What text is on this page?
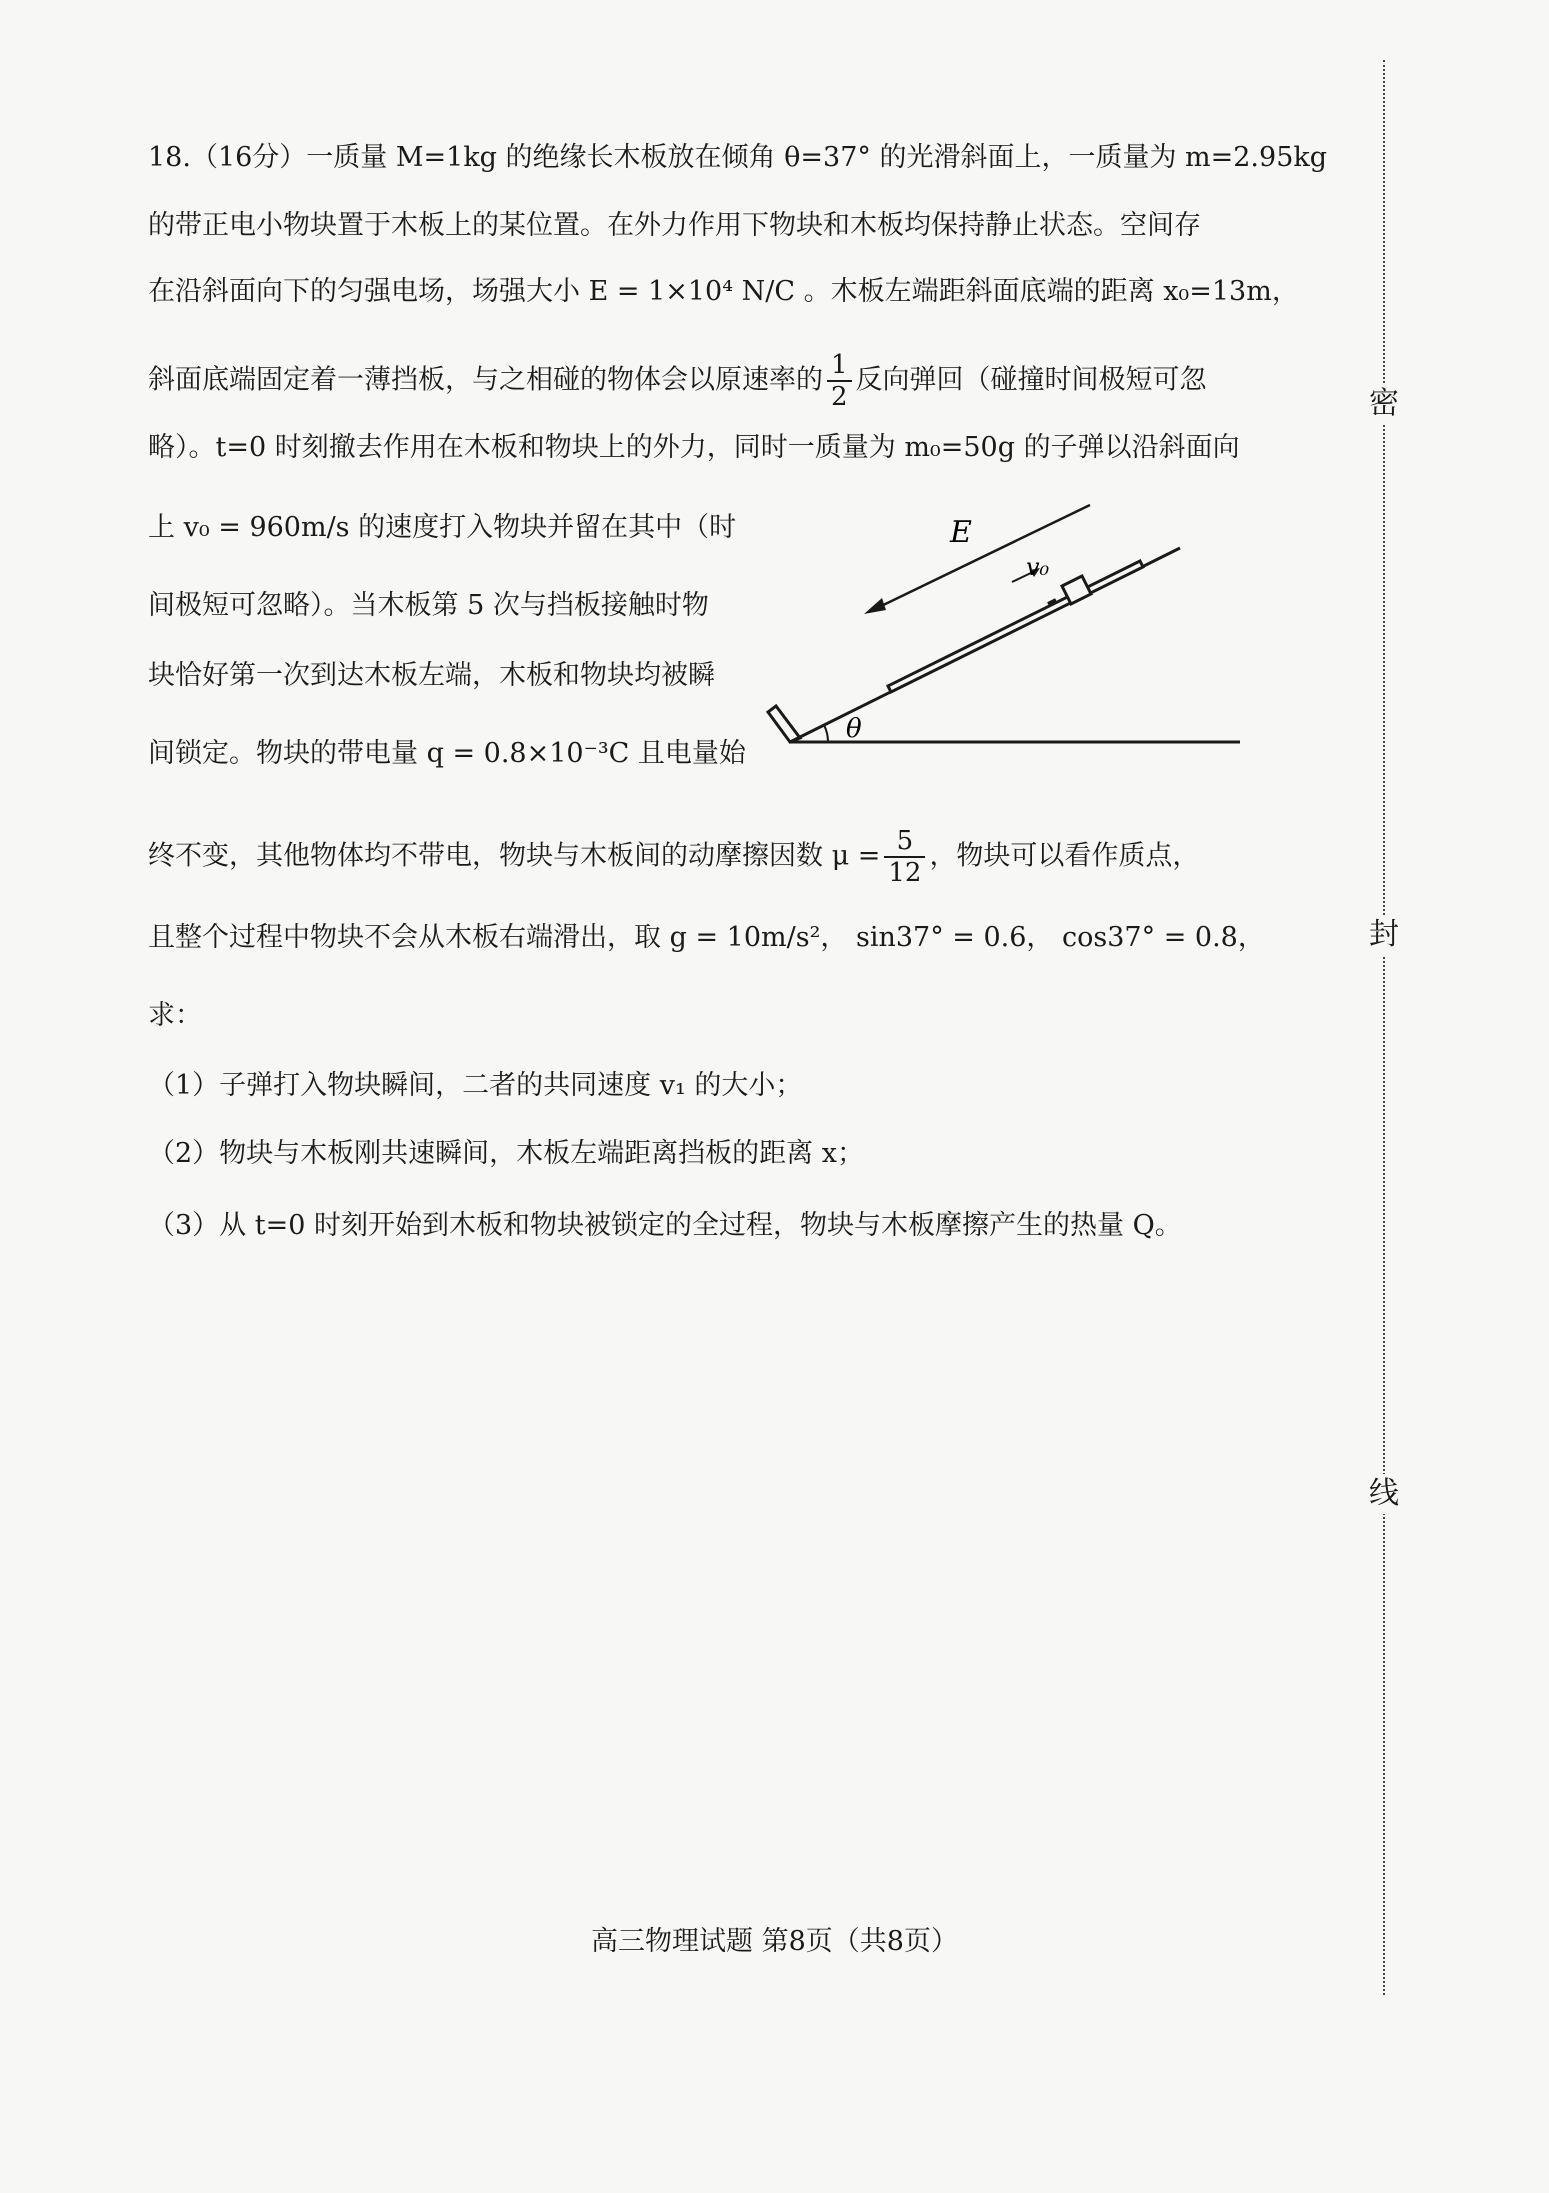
18.（16分）一质量 M=1kg 的绝缘长木板放在倾角 θ=37° 的光滑斜面上，一质量为 m=2.95kg
的带正电小物块置于木板上的某位置。在外力作用下物块和木板均保持静止状态。空间存
在沿斜面向下的匀强电场，场强大小 E = 1×10⁴ N/C 。木板左端距斜面底端的距离 x₀=13m，
斜面底端固定着一薄挡板，与之相碰的物体会以原速率的 $\frac{1}{2}$ 反向弹回（碰撞时间极短可忽
略）。t=0 时刻撤去作用在木板和物块上的外力，同时一质量为 m₀=50g 的子弹以沿斜面向
上 v₀ = 960m/s 的速度打入物块并留在其中（时
间极短可忽略）。当木板第 5 次与挡板接触时物
块恰好第一次到达木板左端，木板和物块均被瞬
间锁定。物块的带电量 q = 0.8×10⁻³C 且电量始
终不变，其他物体均不带电，物块与木板间的动摩擦因数 $\mu = \frac{5}{12}$ ，物块可以看作质点，
且整个过程中物块不会从木板右端滑出，取 g = 10m/s²， sin37° = 0.6， cos37° = 0.8，
求：
（1）子弹打入物块瞬间，二者的共同速度 v₁ 的大小；
（2）物块与木板刚共速瞬间，木板左端距离挡板的距离 x；
（3）从 t=0 时刻开始到木板和物块被锁定的全过程，物块与木板摩擦产生的热量 Q。
E
v₀
θ
密
封
线
高三物理试题 第8页（共8页）
